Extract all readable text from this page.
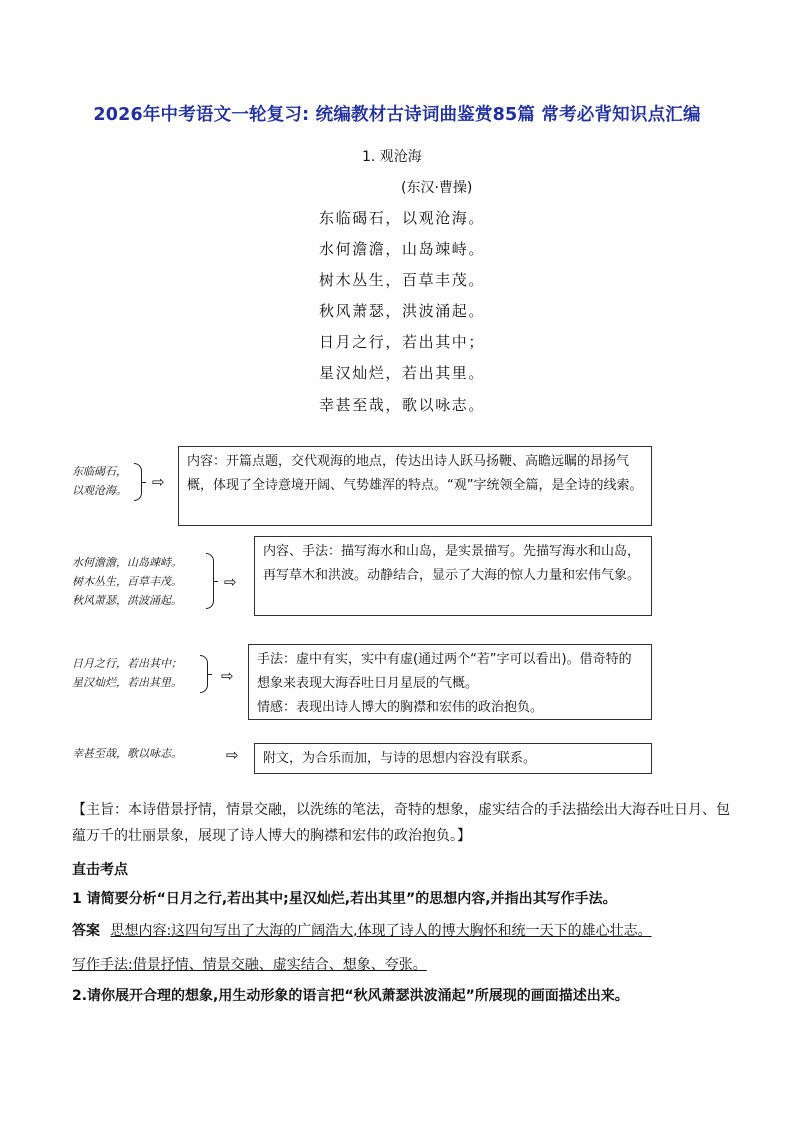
2026年中考语文一轮复习: 统编教材古诗词曲鉴赏85篇 常考必背知识点汇编
1. 观沧海
(东汉·曹操)
东临碣石，以观沧海。
水何澹澹，山岛竦峙。
树木丛生，百草丰茂。
秋风萧瑟，洪波涌起。
日月之行，若出其中；
星汉灿烂，若出其里。
幸甚至哉，歌以咏志。
东临碣石，
以观沧海。 ⇨
内容：开篇点题，交代观海的地点，传达出诗人跃马扬鞭、高瞻远瞩的昂扬气概，体现了全诗意境开阔、气势雄浑的特点。“观”字统领全篇，是全诗的线索。
水何澹澹，山岛竦峙。
树木丛生，百草丰茂。
秋风萧瑟，洪波涌起。
⇨
内容、手法：描写海水和山岛，是实景描写。先描写海水和山岛，再写草木和洪波。动静结合，显示了大海的惊人力量和宏伟气象。
日月之行，若出其中；
星汉灿烂，若出其里。	⇨
手法：虚中有实，实中有虚(通过两个“若”字可以看出)。借奇特的想象来表现大海吞吐日月星辰的气概。
情感：表现出诗人博大的胸襟和宏伟的政治抱负。
幸甚至哉，歌以咏志。	⇨	附文，为合乐而加，与诗的思想内容没有联系。
【主旨：本诗借景抒情，情景交融，以洗练的笔法，奇特的想象，虚实结合的手法描绘出大海吞吐日月、包蕴万千的壮丽景象，展现了诗人博大的胸襟和宏伟的政治抱负。】
直击考点
1 请简要分析“日月之行,若出其中;星汉灿烂,若出其里”的思想内容,并指出其写作手法。
答案 思想内容:这四句写出了大海的广阔浩大,体现了诗人的博大胸怀和统一天下的雄心壮志。
写作手法:借景抒情、情景交融、虚实结合、想象、夸张。
2.请你展开合理的想象,用生动形象的语言把“秋风萧瑟洪波涌起”所展现的画面描述出来。
